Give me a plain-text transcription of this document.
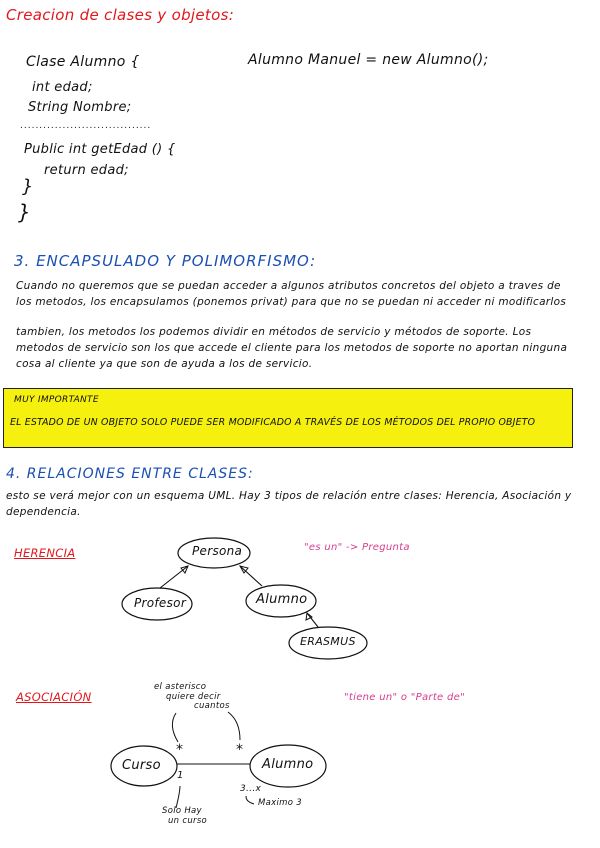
Creacion de clases y objetos:
Clase Alumno {
int edad;
String Nombre;
..................................
Public int getEdad () {
return edad;
}
}
Alumno Manuel = new Alumno();
3. ENCAPSULADO Y POLIMORFISMO:
Cuando no queremos que se puedan acceder a algunos atributos concretos del objeto a traves de los metodos, los encapsulamos (ponemos privat) para que no se puedan ni acceder ni modificarlos
tambien, los metodos los podemos dividir en métodos de servicio y métodos de soporte. Los metodos de servicio son los que accede el cliente para los metodos de soporte no aportan ninguna cosa al cliente ya que son de ayuda a los de servicio.
MUY IMPORTANTE
EL ESTADO DE UN OBJETO SOLO PUEDE SER MODIFICADO A TRAVÉS DE LOS MÉTODOS DEL PROPIO OBJETO
4. RELACIONES ENTRE CLASES:
esto se verá mejor con un esquema UML. Hay 3 tipos de relación entre clases: Herencia, Asociación y dependencia.
HERENCIA	"es un" -> Pregunta
Persona
Profesor	Alumno
ERASMUS
ASOCIACIÓN	"tiene un" o "Parte de"
el asterisco
quiere decir
cuantos
*	*
Curso	Alumno
1
Solo Hay
un curso
3...x
Maximo 3
